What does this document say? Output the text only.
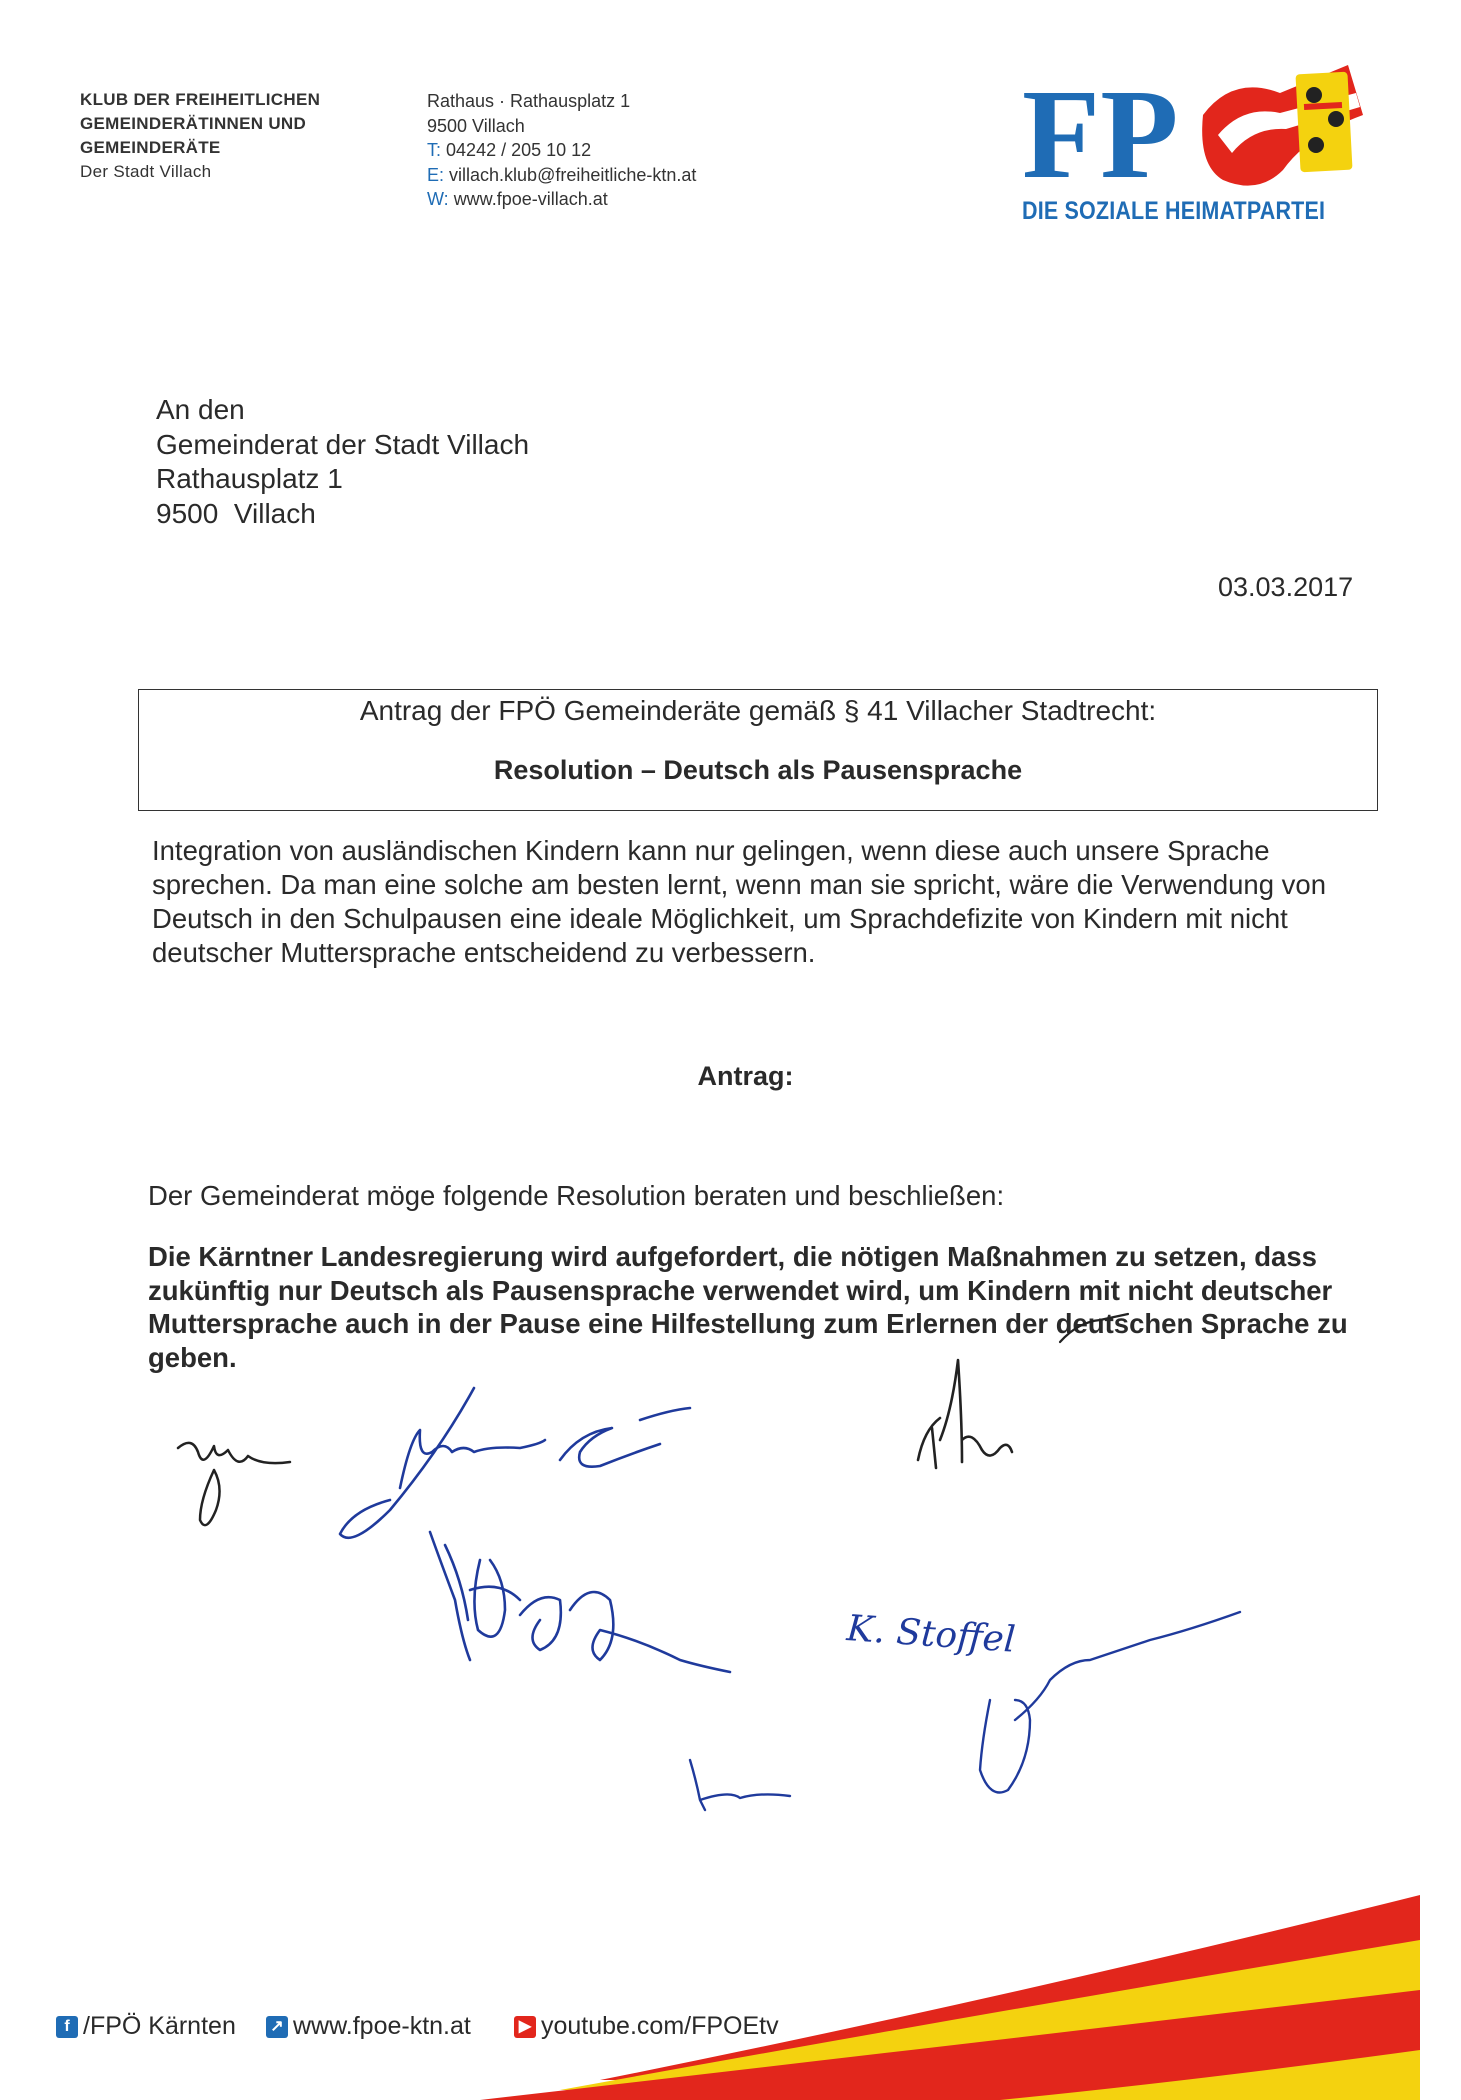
KLUB DER FREIHEITLICHEN
GEMEINDERÄTINNEN UND
GEMEINDERÄTE
Der Stadt Villach
Rathaus · Rathausplatz 1
9500 Villach
T: 04242 / 205 10 12
E: villach.klub@freiheitliche-ktn.at
W: www.fpoe-villach.at	FP
DIE SOZIALE HEIMATPARTEI
An den
Gemeinderat der Stadt Villach
Rathausplatz 1
9500  Villach
03.03.2017
Antrag der FPÖ Gemeinderäte gemäß § 41 Villacher Stadtrecht:
Resolution – Deutsch als Pausensprache
Integration von ausländischen Kindern kann nur gelingen, wenn diese auch unsere Sprache sprechen. Da man eine solche am besten lernt, wenn man sie spricht, wäre die Verwendung von Deutsch in den Schulpausen eine ideale Möglichkeit, um Sprachdefizite von Kindern mit nicht deutscher Muttersprache entscheidend zu verbessern.
Antrag:
Der Gemeinderat möge folgende Resolution beraten und beschließen:
Die Kärntner Landesregierung wird aufgefordert, die nötigen Maßnahmen zu setzen, dass zukünftig nur Deutsch als Pausensprache verwendet wird, um Kindern mit nicht deutscher Muttersprache auch in der Pause eine Hilfestellung zum Erlernen der deutschen Sprache zu geben.
K. Stoffel
f /FPÖ Kärnten ↗ www.fpoe-ktn.at	▶ youtube.com/FPOEtv
